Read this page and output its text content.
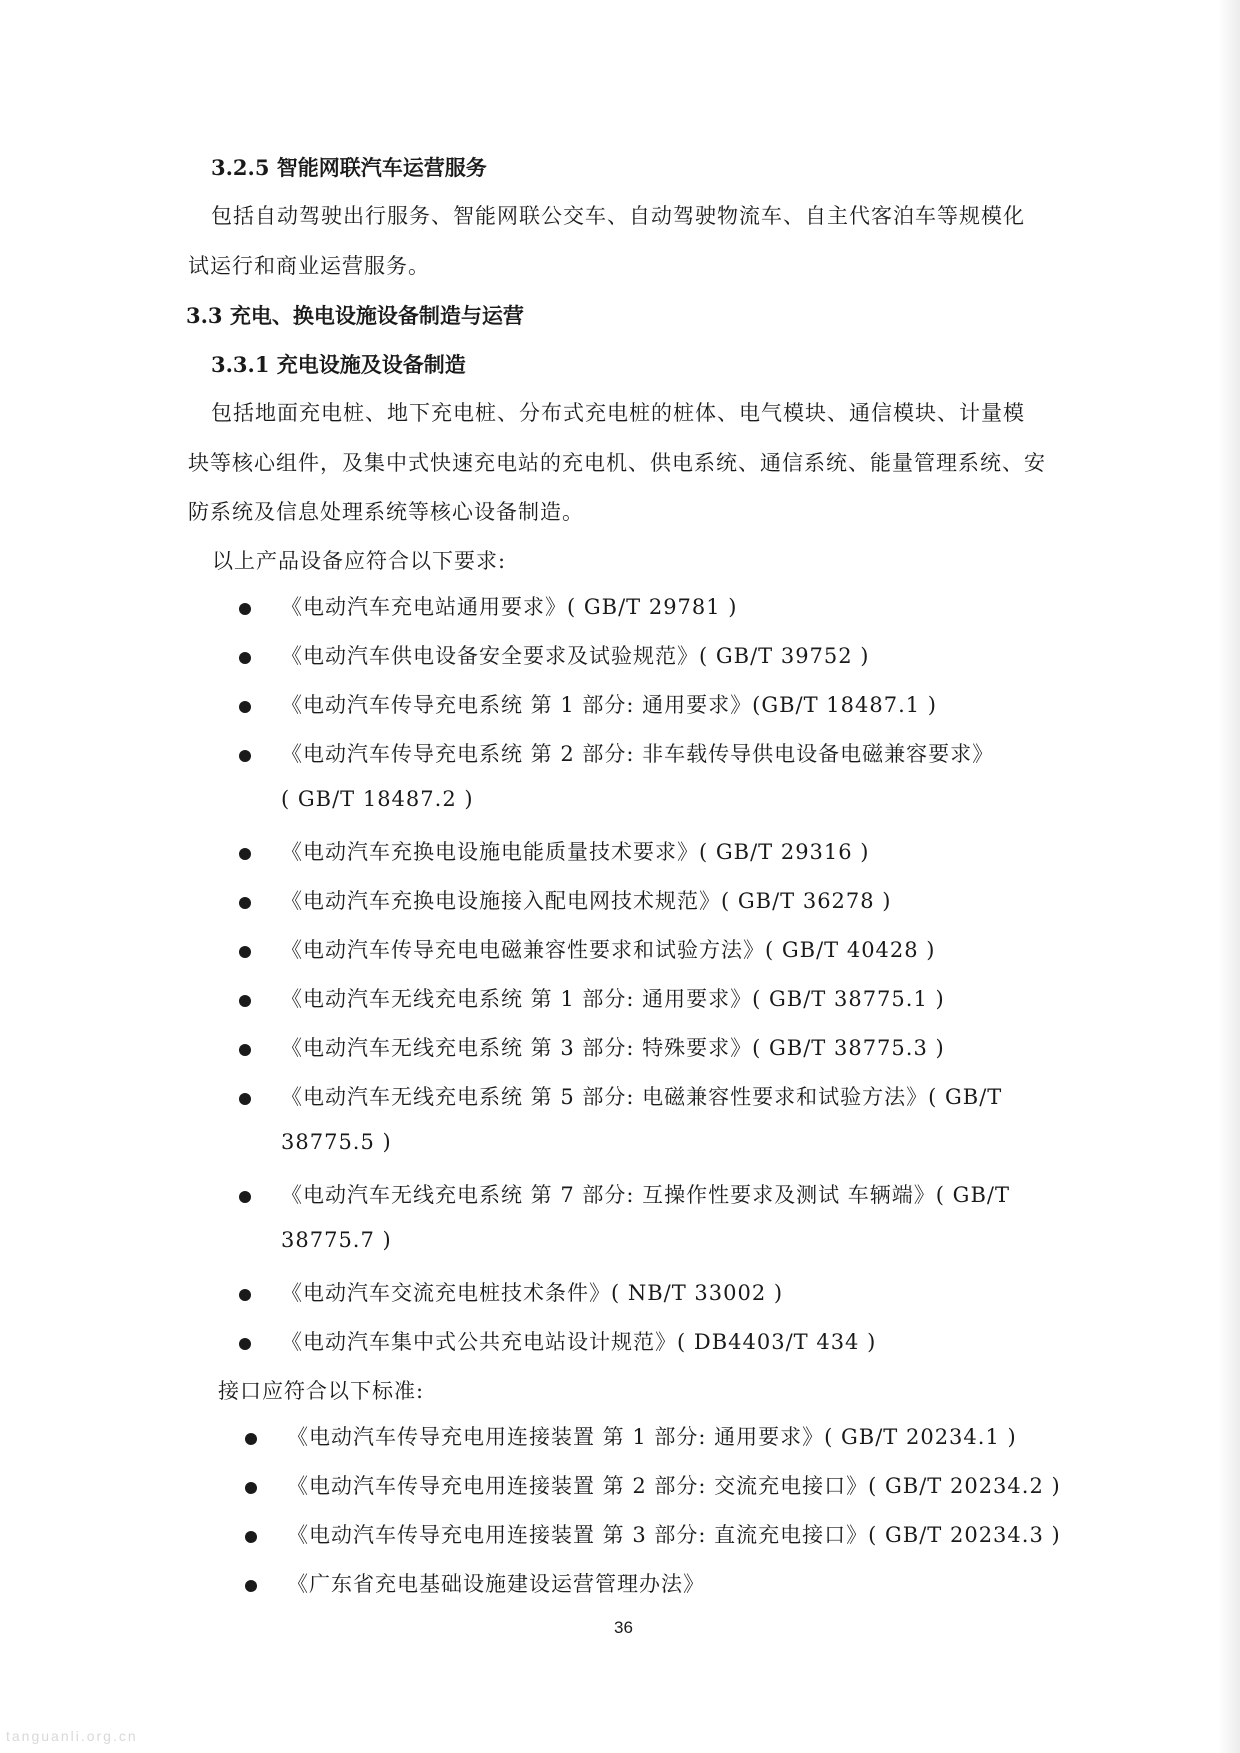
3.2.5 智能网联汽车运营服务
包括自动驾驶出行服务、智能网联公交车、自动驾驶物流车、自主代客泊车等规模化
试运行和商业运营服务。
3.3 充电、换电设施设备制造与运营
3.3.1 充电设施及设备制造
包括地面充电桩、地下充电桩、分布式充电桩的桩体、电气模块、通信模块、计量模
块等核心组件，及集中式快速充电站的充电机、供电系统、通信系统、能量管理系统、安
防系统及信息处理系统等核心设备制造。
以上产品设备应符合以下要求:
《电动汽车充电站通用要求》( GB/T 29781 )
《电动汽车供电设备安全要求及试验规范》( GB/T 39752 )
《电动汽车传导充电系统 第 1 部分: 通用要求》(GB/T 18487.1 )
《电动汽车传导充电系统 第 2 部分: 非车载传导供电设备电磁兼容要求》
( GB/T 18487.2 )
《电动汽车充换电设施电能质量技术要求》( GB/T 29316 )
《电动汽车充换电设施接入配电网技术规范》( GB/T 36278 )
《电动汽车传导充电电磁兼容性要求和试验方法》( GB/T 40428 )
《电动汽车无线充电系统 第 1 部分: 通用要求》( GB/T 38775.1 )
《电动汽车无线充电系统 第 3 部分: 特殊要求》( GB/T 38775.3 )
《电动汽车无线充电系统 第 5 部分: 电磁兼容性要求和试验方法》( GB/T
38775.5 )
《电动汽车无线充电系统 第 7 部分: 互操作性要求及测试 车辆端》( GB/T
38775.7 )
《电动汽车交流充电桩技术条件》( NB/T 33002 )
《电动汽车集中式公共充电站设计规范》( DB4403/T 434 )
接口应符合以下标准:
《电动汽车传导充电用连接装置 第 1 部分: 通用要求》( GB/T 20234.1 )
《电动汽车传导充电用连接装置 第 2 部分: 交流充电接口》( GB/T 20234.2 )
《电动汽车传导充电用连接装置 第 3 部分: 直流充电接口》( GB/T 20234.3 )
《广东省充电基础设施建设运营管理办法》
36
tanguanli.org.cn
